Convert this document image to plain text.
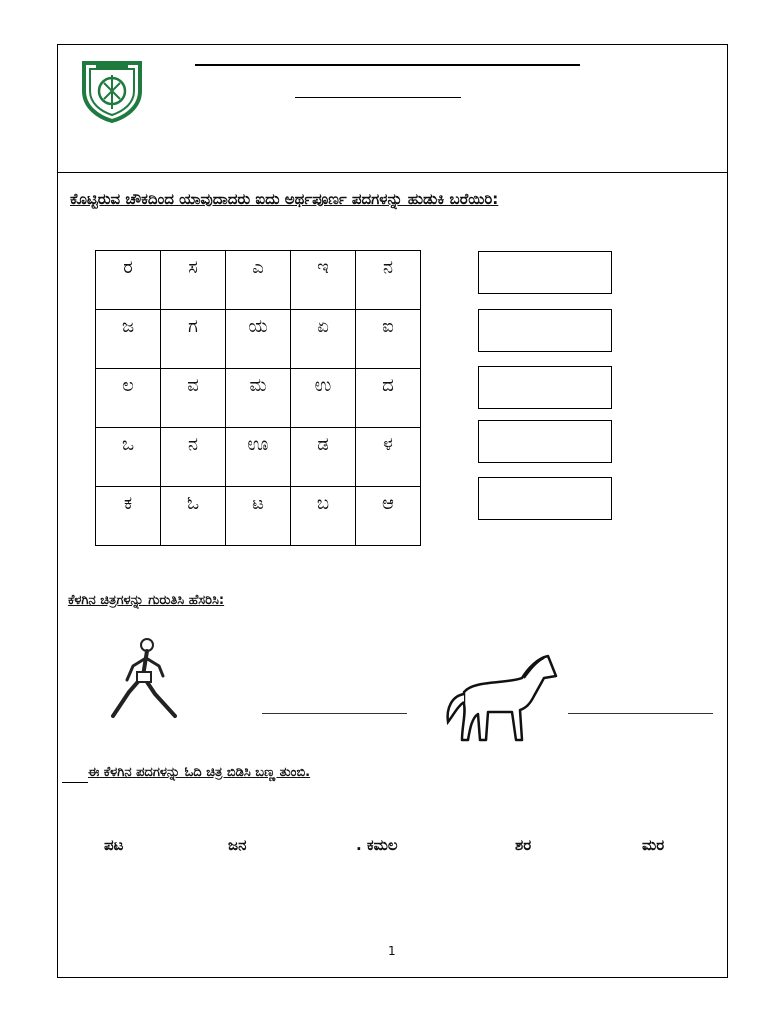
ಕೊಟ್ಟಿರುವ ಚೌಕದಿಂದ ಯಾವುದಾದರು ಐದು ಅರ್ಥಪೂರ್ಣ ಪದಗಳನ್ನು ಹುಡುಕಿ ಬರೆಯಿರಿ:
ರ	ಸ	ಎ	ಇ	ನ
ಜ	ಗ	ಯ	ಏ	ಐ
ಲ	ವ	ಮ	ಉ	ದ
ಒ	ನ	ಊ	ಡ	ಳ
ಕ	ಓ	ಟ	ಬ	ಆ
ಕೆಳಗಿನ ಚಿತ್ರಗಳನ್ನು ಗುರುತಿಸಿ ಹೆಸರಿಸಿ:
ಈ ಕೆಳಗಿನ ಪದಗಳನ್ನು ಓದಿ ಚಿತ್ರ ಬಿಡಿಸಿ ಬಣ್ಣ ತುಂಬಿ.
ಪಟ	ಜನ	. ಕಮಲ	ಶರ	ಮರ
1
